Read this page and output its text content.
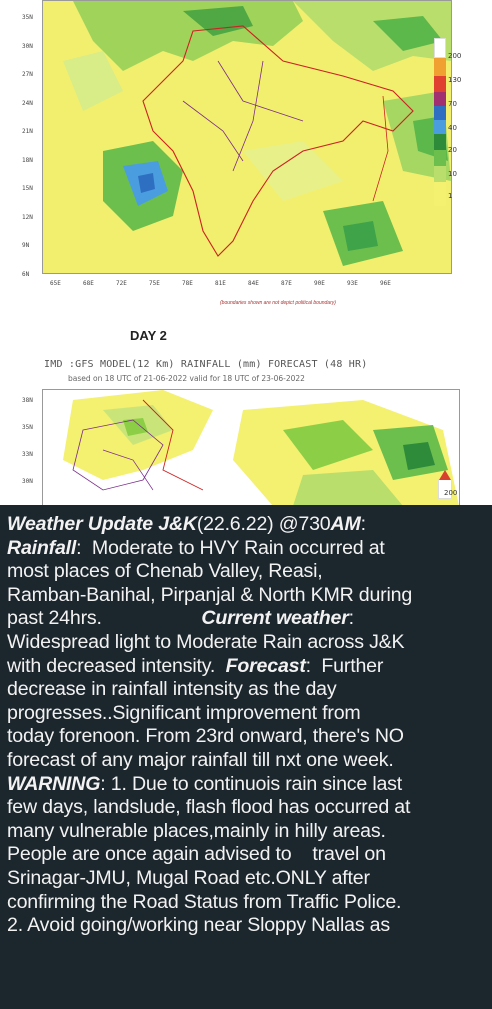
35N
30N
27N
24N
21N
18N
15N
12N
9N
6N
65E	68E	72E	75E	78E	81E	84E	87E	90E	93E	96E
200
130
70
40
20
10
1
(boundaries shown are not depict political boundary)
DAY 2
IMD :GFS MODEL(12 Km) RAINFALL (mm) FORECAST (48 HR)
based on 18 UTC of 21-06-2022 valid for 18 UTC of 23-06-2022
38N
35N
33N
30N
200
Weather Update J&K(22.6.22) @730AM:
Rainfall:  Moderate to HVY Rain occurred at
most places of Chenab Valley, Reasi,
Ramban-Banihal, Pirpanjal & North KMR during
past 24hrs.                   Current weather:
Widespread light to Moderate Rain across J&K
with decreased intensity.  Forecast:  Further
decrease in rainfall intensity as the day
progresses..Significant improvement from
today forenoon. From 23rd onward, there's NO
forecast of any major rainfall till nxt one week.
WARNING: 1. Due to continuois rain since last
few days, landslude, flash flood has occurred at
many vulnerable places,mainly in hilly areas.
People are once again advised to    travel on
Srinagar-JMU, Mugal Road etc.ONLY after
confirming the Road Status from Traffic Police.
2. Avoid going/working near Sloppy Nallas as
